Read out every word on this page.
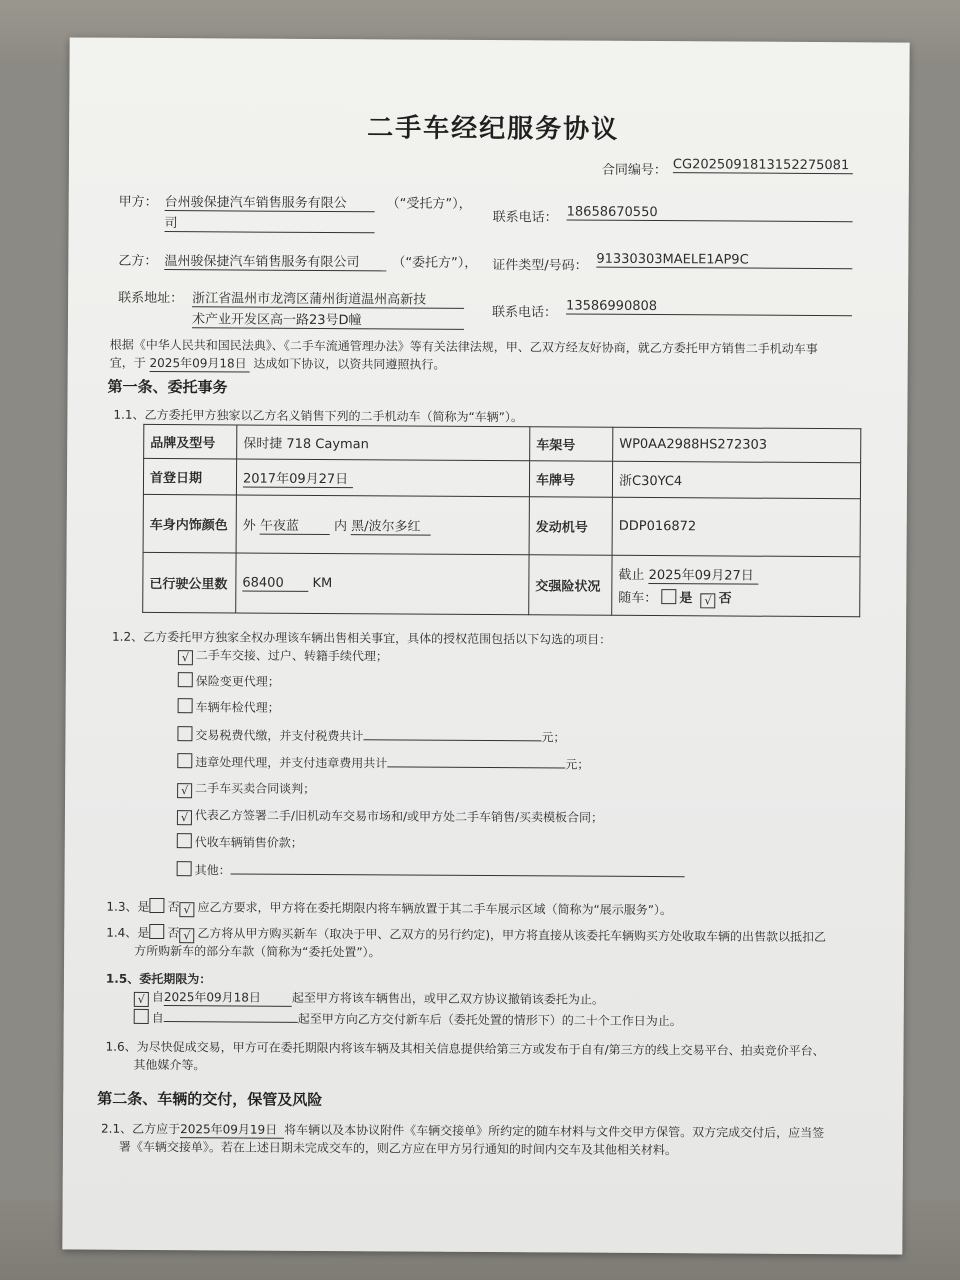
二手车经纪服务协议
合同编号： CG2025091813152275081
甲方： 台州骏保捷汽车销售服务有限公
司
（“受托方”），
联系电话： 18658670550
乙方： 温州骏保捷汽车销售服务有限公司	（“委托方”）， 证件类型/号码： 91330303MAELE1AP9C
联系地址： 浙江省温州市龙湾区蒲州街道温州高新技
术产业开发区高一路23号D幢	联系电话： 13586990808
根据《中华人民共和国民法典》、《二手车流通管理办法》等有关法律法规，甲、乙双方经友好协商，就乙方委托甲方销售二手机动车事
宜，于 2025年09月18日 达成如下协议，以资共同遵照执行。
第一条、委托事务
1.1、乙方委托甲方独家以乙方名义销售下列的二手机动车（简称为“车辆”）。
品牌及型号	保时捷 718 Cayman	车架号	WP0AA2988HS272303
首登日期	2017年09月27日	车牌号	浙C30YC4
车身内饰颜色	外 午夜蓝 内 黑/波尔多红	发动机号	DDP016872
已行驶公里数	68400 KM	交强险状况	截止 2025年09月27日
随车： 是 √ 否
1.2、乙方委托甲方独家全权办理该车辆出售相关事宜，具体的授权范围包括以下勾选的项目：
√ 二手车交接、过户、转籍手续代理；
保险变更代理；
车辆年检代理；
交易税费代缴，并支付税费共计	元；
违章处理代理，并支付违章费用共计	元；
√ 二手车买卖合同谈判；
√ 代表乙方签署二手/旧机动车交易市场和/或甲方处二手车销售/买卖模板合同；
代收车辆销售价款；
其他：
1.3、是 否 √ 应乙方要求，甲方将在委托期限内将车辆放置于其二手车展示区域（简称为“展示服务”）。
1.4、是 否 √ 乙方将从甲方购买新车（取决于甲、乙双方的另行约定)，甲方将直接从该委托车辆购买方处收取车辆的出售款以抵扣乙
方所购新车的部分车款（简称为“委托处置”）。
1.5、委托期限为：
√ 自2025年09月18日	起至甲方将该车辆售出，或甲乙双方协议撤销该委托为止。
自	起至甲方向乙方交付新车后（委托处置的情形下）的二十个工作日为止。
1.6、为尽快促成交易，甲方可在委托期限内将该车辆及其相关信息提供给第三方或发布于自有/第三方的线上交易平台、拍卖竞价平台、
其他媒介等。
第二条、车辆的交付，保管及风险
2.1、乙方应于2025年09月19日 将车辆以及本协议附件《车辆交接单》所约定的随车材料与文件交甲方保管。双方完成交付后，应当签
署《车辆交接单》。若在上述日期未完成交车的，则乙方应在甲方另行通知的时间内交车及其他相关材料。
